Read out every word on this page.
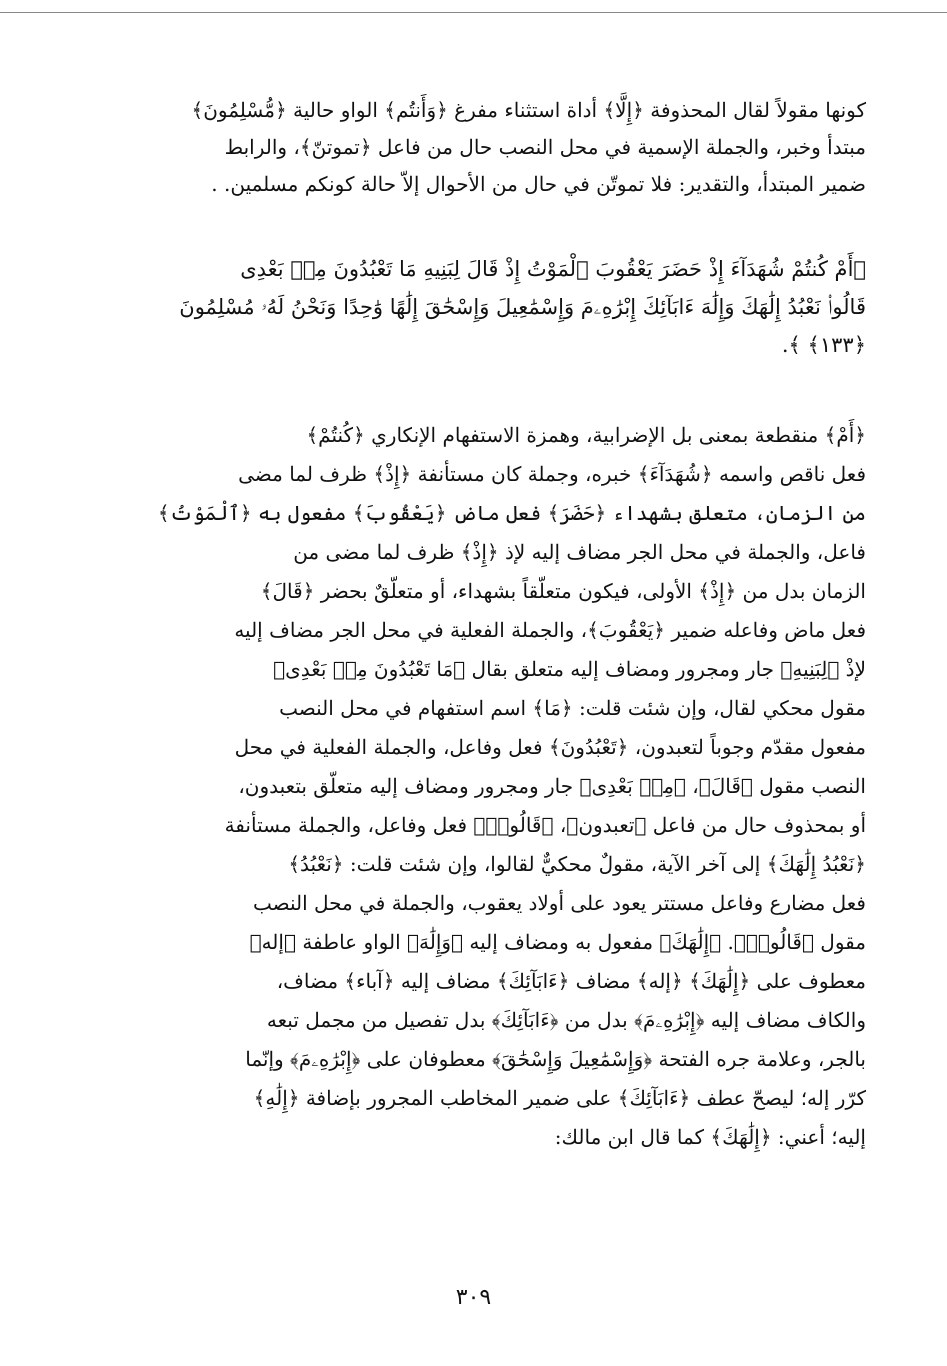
كونها مقولاً لقال المحذوفة ﴿إِلَّا﴾ أداة استثناء مفرغ ﴿وَأَنتُم﴾ الواو حالية ﴿مُّسْلِمُونَ﴾
مبتدأ وخبر، والجملة الإسمية في محل النصب حال من فاعل ﴿تموتنّ﴾، والرابط
ضمير المبتدأ، والتقدير: فلا تموتّن في حال من الأحوال إلاّ حالة كونكم مسلمين. .
﴿أَمْ كُنتُمْ شُهَدَآءَ إِذْ حَضَرَ يَعْقُوبَ ٱلْمَوْتُ إِذْ قَالَ لِبَنِيهِ مَا تَعْبُدُونَ مِنۢ بَعْدِى
قَالُوا۟ نَعْبُدُ إِلَٰهَكَ وَإِلَٰهَ ءَابَآئِكَ إِبْرَٰهِۦمَ وَإِسْمَٰعِيلَ وَإِسْحَٰقَ إِلَٰهًا وَٰحِدًا وَنَحْنُ لَهُۥ مُسْلِمُونَ
﴿١٣٣﴾ ﴾.
﴿أَمْ﴾ منقطعة بمعنى بل الإضرابية، وهمزة الاستفهام الإنكاري ﴿كُنتُمْ﴾
فعل ناقص واسمه ﴿شُهَدَآءَ﴾ خبره، وجملة كان مستأنفة ﴿إِذْ﴾ ظرف لما مضى
من الزمان، متعلق بشهداء ﴿حَضَرَ﴾ فعل ماض ﴿يَعْقُوبَ﴾ مفعول به ﴿ٱلْمَوْتُ﴾
فاعل، والجملة في محل الجر مضاف إليه لإذ ﴿إِذْ﴾ ظرف لما مضى من
الزمان بدل من ﴿إِذْ﴾ الأولى، فيكون متعلّقاً بشهداء، أو متعلّقٌ بحضر ﴿قَالَ﴾
فعل ماض وفاعله ضمير ﴿يَعْقُوبَ﴾، والجملة الفعلية في محل الجر مضاف إليه
لإذْ ﴿لِبَنِيهِ﴾ جار ومجرور ومضاف إليه متعلق بقال ﴿مَا تَعْبُدُونَ مِنۢ بَعْدِى﴾
مقول محكي لقال، وإن شئت قلت: ﴿مَا﴾ اسم استفهام في محل النصب
مفعول مقدّم وجوباً لتعبدون، ﴿تَعْبُدُونَ﴾ فعل وفاعل، والجملة الفعلية في محل
النصب مقول ﴿قَالَ﴾، ﴿مِنۢ بَعْدِى﴾ جار ومجرور ومضاف إليه متعلّق بتعبدون،
أو بمحذوف حال من فاعل ﴿تعبدون﴾، ﴿قَالُوا۟﴾ فعل وفاعل، والجملة مستأنفة
﴿نَعْبُدُ إِلَٰهَكَ﴾ إلى آخر الآية، مقولٌ محكيٌّ لقالوا، وإن شئت قلت: ﴿نَعْبُدُ﴾
فعل مضارع وفاعل مستتر يعود على أولاد يعقوب، والجملة في محل النصب
مقول ﴿قَالُوا۟﴾. ﴿إِلَٰهَكَ﴾ مفعول به ومضاف إليه ﴿وَإِلَٰهَ﴾ الواو عاطفة ﴿إله﴾
معطوف على ﴿إِلَٰهَكَ﴾ ﴿إله﴾ مضاف ﴿ءَابَآئِكَ﴾ مضاف إليه ﴿آباء﴾ مضاف،
والكاف مضاف إليه ﴿إِبْرَٰهِۦمَ﴾ بدل من ﴿ءَابَآئِكَ﴾ بدل تفصيل من مجمل تبعه
بالجر، وعلامة جره الفتحة ﴿وَإِسْمَٰعِيلَ وَإِسْحَٰقَ﴾ معطوفان على ﴿إِبْرَٰهِۦمَ﴾ وإنّما
كرّر إله؛ ليصحّ عطف ﴿ءَابَآئِكَ﴾ على ضمير المخاطب المجرور بإضافة ﴿إِلَٰهِ﴾
إليه؛ أعني: ﴿إِلَٰهَكَ﴾ كما قال ابن مالك:
٣٠٩
